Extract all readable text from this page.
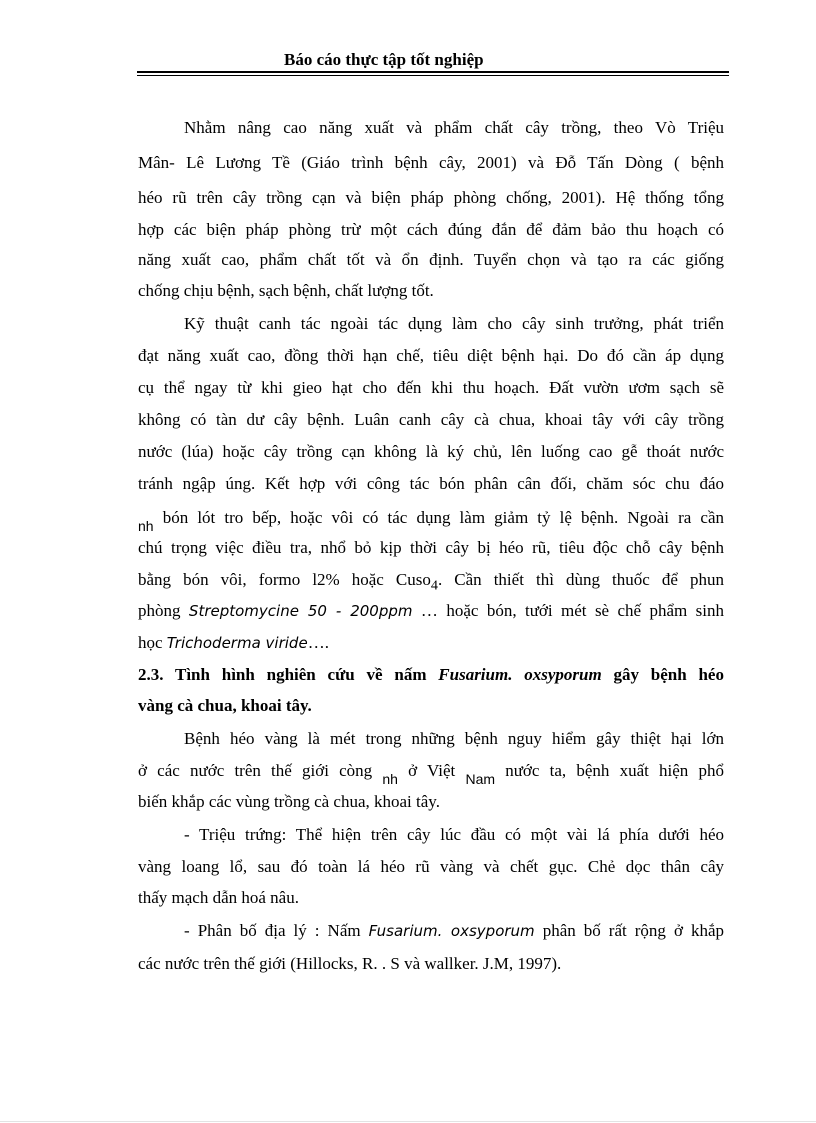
Báo cáo thực tập tốt nghiệp
Nhằm nâng cao năng xuất và phẩm chất cây trồng, theo Vò Triệu
Mân- Lê Lương Tề (Giáo trình bệnh cây, 2001) và Đỗ Tấn Dòng ( bệnh
héo rũ trên cây trồng cạn và biện pháp phòng chống, 2001). Hệ thống tổng
hợp các biện pháp phòng trừ một cách đúng đắn để đảm bảo thu hoạch có
năng xuất cao, phẩm chất tốt và ổn định. Tuyển chọn và tạo ra các giống
chống chịu bệnh, sạch bệnh, chất lượng tốt.
Kỹ thuật canh tác ngoài tác dụng làm cho cây sinh trưởng, phát triển
đạt năng xuất cao, đồng thời hạn chế, tiêu diệt bệnh hại. Do đó cần áp dụng
cụ thể ngay từ khi gieo hạt cho đến khi thu hoạch. Đất vườn ươm sạch sẽ
không có tàn dư cây bệnh. Luân canh cây cà chua, khoai tây với cây trồng
nước (lúa) hoặc cây trồng cạn không là ký chủ, lên luống cao gễ thoát nước
tránh ngập úng. Kết hợp với công tác bón phân cân đối, chăm sóc chu đáo
$_{nh}$ bón lót tro bếp, hoặc vôi có tác dụng làm giảm tỷ lệ bệnh. Ngoài ra cần
chú trọng việc điều tra, nhổ bỏ kịp thời cây bị héo rũ, tiêu độc chỗ cây bệnh
bằng bón vôi, formo l2% hoặc Cuso$_4$. Cần thiết thì dùng thuốc để phun
phòng Streptomycine 50 - 200ppm … hoặc bón, tưới mét sè chế phẩm sinh
học Trichoderma viride….
2.3. Tình hình nghiên cứu về nấm Fusarium. oxsyporum gây bệnh héo
vàng cà chua, khoai tây.
Bệnh héo vàng là mét trong những bệnh nguy hiểm gây thiệt hại lớn
ở các nước trên thế giới còng $_{nh}$ ở Việt $_{Nam}$ nước ta, bệnh xuất hiện phổ
biến khắp các vùng trồng cà chua, khoai tây.
- Triệu trứng: Thể hiện trên cây lúc đầu có một vài lá phía dưới héo
vàng loang lổ, sau đó toàn lá héo rũ vàng và chết gục. Chẻ dọc thân cây
thấy mạch dẫn hoá nâu.
- Phân bố địa lý : Nấm Fusarium. oxsyporum phân bố rất rộng ở khắp
các nước trên thế giới (Hillocks, R. . S và wallker. J.M, 1997).
